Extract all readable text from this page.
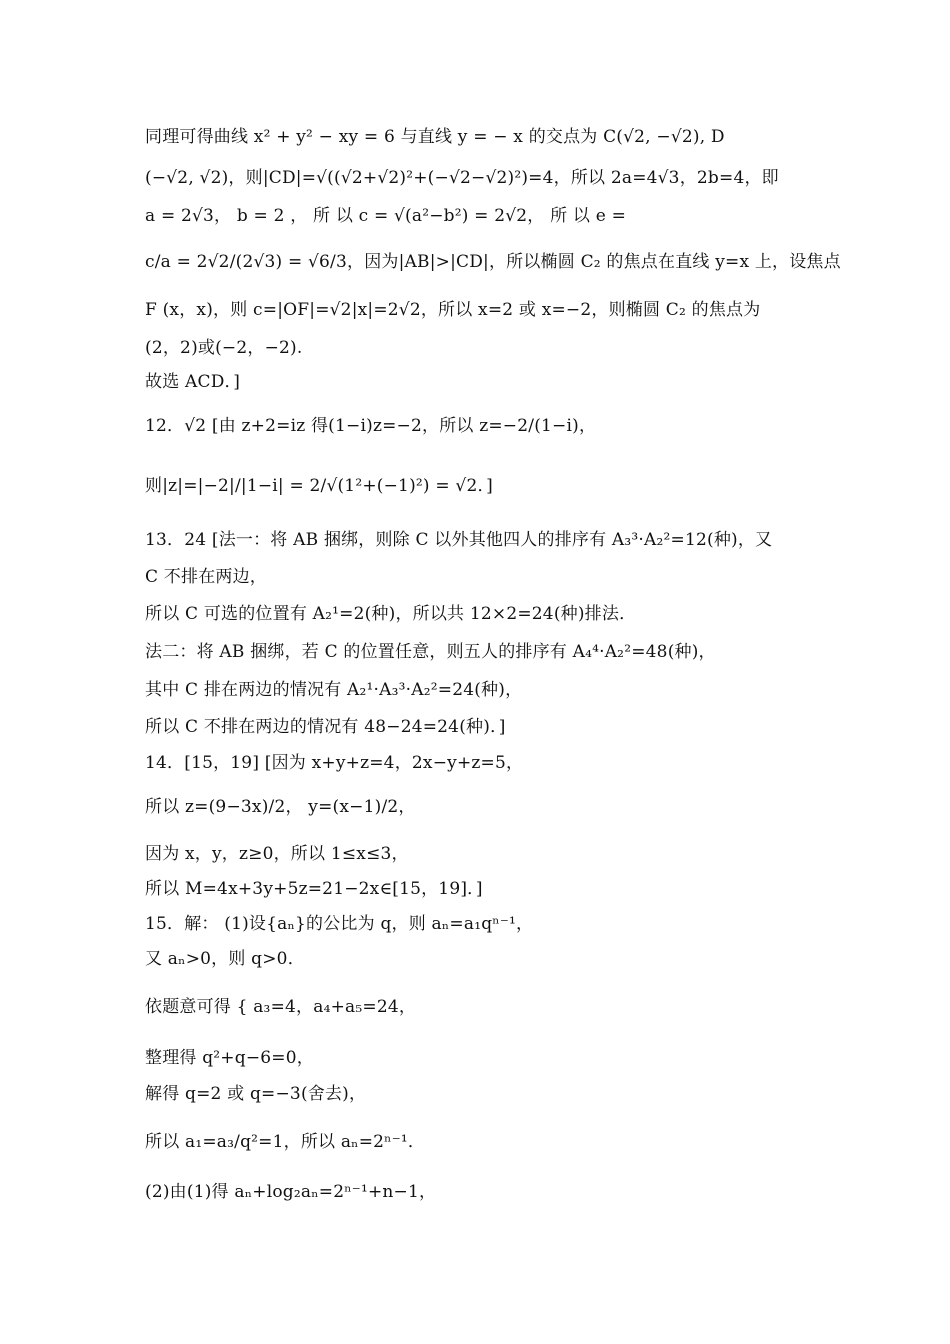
同理可得曲线 x² + y² − xy = 6 与直线 y = − x 的交点为 C(√2, −√2), D
(−√2, √2)，则|CD|=√((√2+√2)²+(−√2−√2)²)=4，所以 2a=4√3，2b=4，即
a = 2√3， b = 2 ， 所 以 c = √(a²−b²) = 2√2， 所 以 e =
c/a = 2√2/(2√3) = √6/3，因为|AB|>|CD|，所以椭圆 C₂ 的焦点在直线 y=x 上，设焦点
F (x，x)，则 c=|OF|=√2|x|=2√2，所以 x=2 或 x=−2，则椭圆 C₂ 的焦点为
(2，2)或(−2，−2).
故选 ACD．]
12．√2 [由 z+2=iz 得(1−i)z=−2，所以 z=−2/(1−i)，
则|z|=|−2|/|1−i| = 2/√(1²+(−1)²) = √2．]
13．24 [法一：将 AB 捆绑，则除 C 以外其他四人的排序有 A₃³·A₂²=12(种)，又
C 不排在两边，
所以 C 可选的位置有 A₂¹=2(种)，所以共 12×2=24(种)排法．
法二：将 AB 捆绑，若 C 的位置任意，则五人的排序有 A₄⁴·A₂²=48(种)，
其中 C 排在两边的情况有 A₂¹·A₃³·A₂²=24(种)，
所以 C 不排在两边的情况有 48−24=24(种)．]
14．[15，19] [因为 x+y+z=4，2x−y+z=5，
所以 z=(9−3x)/2， y=(x−1)/2，
因为 x，y，z≥0，所以 1≤x≤3，
所以 M=4x+3y+5z=21−2x∈[15，19]．]
15．解： (1)设{aₙ}的公比为 q，则 aₙ=a₁qⁿ⁻¹，
又 aₙ>0，则 q>0．
依题意可得 { a₃=4，a₄+a₅=24，
整理得 q²+q−6=0，
解得 q=2 或 q=−3(舍去)，
所以 a₁=a₃/q²=1，所以 aₙ=2ⁿ⁻¹．
(2)由(1)得 aₙ+log₂aₙ=2ⁿ⁻¹+n−1，
